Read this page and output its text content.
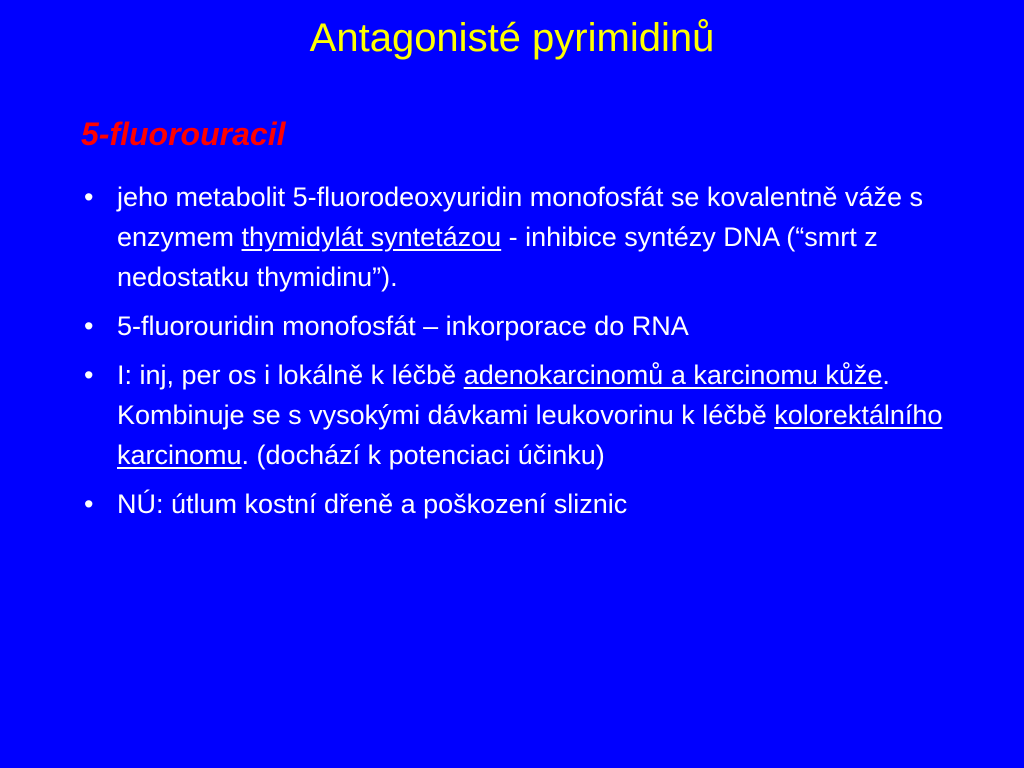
Antagonisté pyrimidinů
5-fluorouracil
• jeho metabolit 5-fluorodeoxyuridin monofosfát se kovalentně váže s enzymem thymidylát syntetázou - inhibice syntézy DNA (“smrt z nedostatku thymidinu”).
• 5-fluorouridin monofosfát – inkorporace do RNA
• I: inj, per os i lokálně k léčbě adenokarcinomů a karcinomu kůže. Kombinuje se s vysokými dávkami leukovorinu k léčbě kolorektálního karcinomu. (dochází k potenciaci účinku)
• NÚ: útlum kostní dřeně a poškození sliznic
